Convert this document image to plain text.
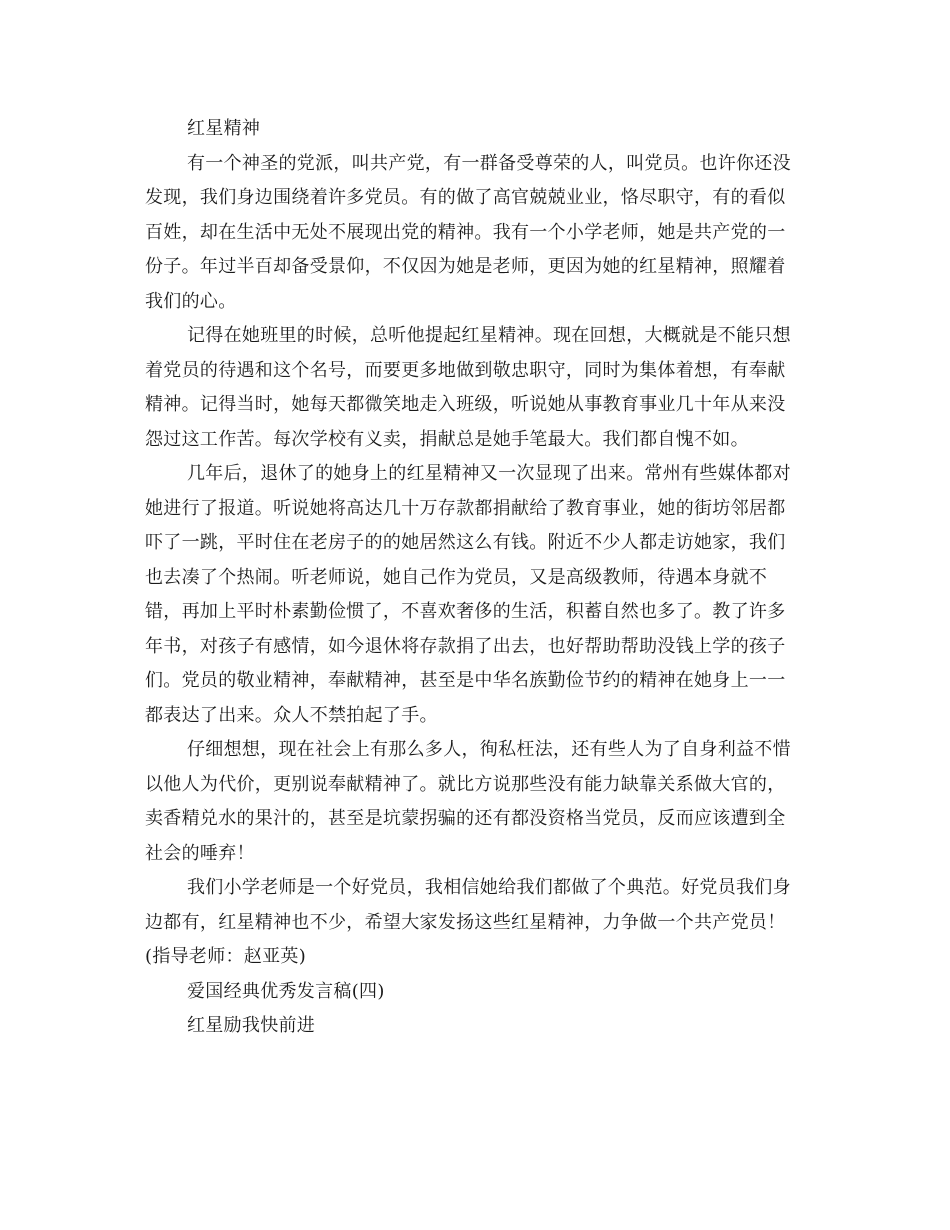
红星精神
有一个神圣的党派，叫共产党，有一群备受尊荣的人，叫党员。也许你还没
发现，我们身边围绕着许多党员。有的做了高官兢兢业业，恪尽职守，有的看似
百姓，却在生活中无处不展现出党的精神。我有一个小学老师，她是共产党的一
份子。年过半百却备受景仰，不仅因为她是老师，更因为她的红星精神，照耀着
我们的心。
记得在她班里的时候，总听他提起红星精神。现在回想，大概就是不能只想
着党员的待遇和这个名号，而要更多地做到敬忠职守，同时为集体着想，有奉献
精神。记得当时，她每天都微笑地走入班级，听说她从事教育事业几十年从来没
怨过这工作苦。每次学校有义卖，捐献总是她手笔最大。我们都自愧不如。
几年后，退休了的她身上的红星精神又一次显现了出来。常州有些媒体都对
她进行了报道。听说她将高达几十万存款都捐献给了教育事业，她的街坊邻居都
吓了一跳，平时住在老房子的的她居然这么有钱。附近不少人都走访她家，我们
也去凑了个热闹。听老师说，她自己作为党员，又是高级教师，待遇本身就不
错，再加上平时朴素勤俭惯了，不喜欢奢侈的生活，积蓄自然也多了。教了许多
年书，对孩子有感情，如今退休将存款捐了出去，也好帮助帮助没钱上学的孩子
们。党员的敬业精神，奉献精神，甚至是中华名族勤俭节约的精神在她身上一一
都表达了出来。众人不禁拍起了手。
仔细想想，现在社会上有那么多人，徇私枉法，还有些人为了自身利益不惜
以他人为代价，更别说奉献精神了。就比方说那些没有能力缺靠关系做大官的，
卖香精兑水的果汁的，甚至是坑蒙拐骗的还有都没资格当党员，反而应该遭到全
社会的唾弃！
我们小学老师是一个好党员，我相信她给我们都做了个典范。好党员我们身
边都有，红星精神也不少，希望大家发扬这些红星精神，力争做一个共产党员！
(指导老师：赵亚英)
爱国经典优秀发言稿(四)
红星励我快前进
